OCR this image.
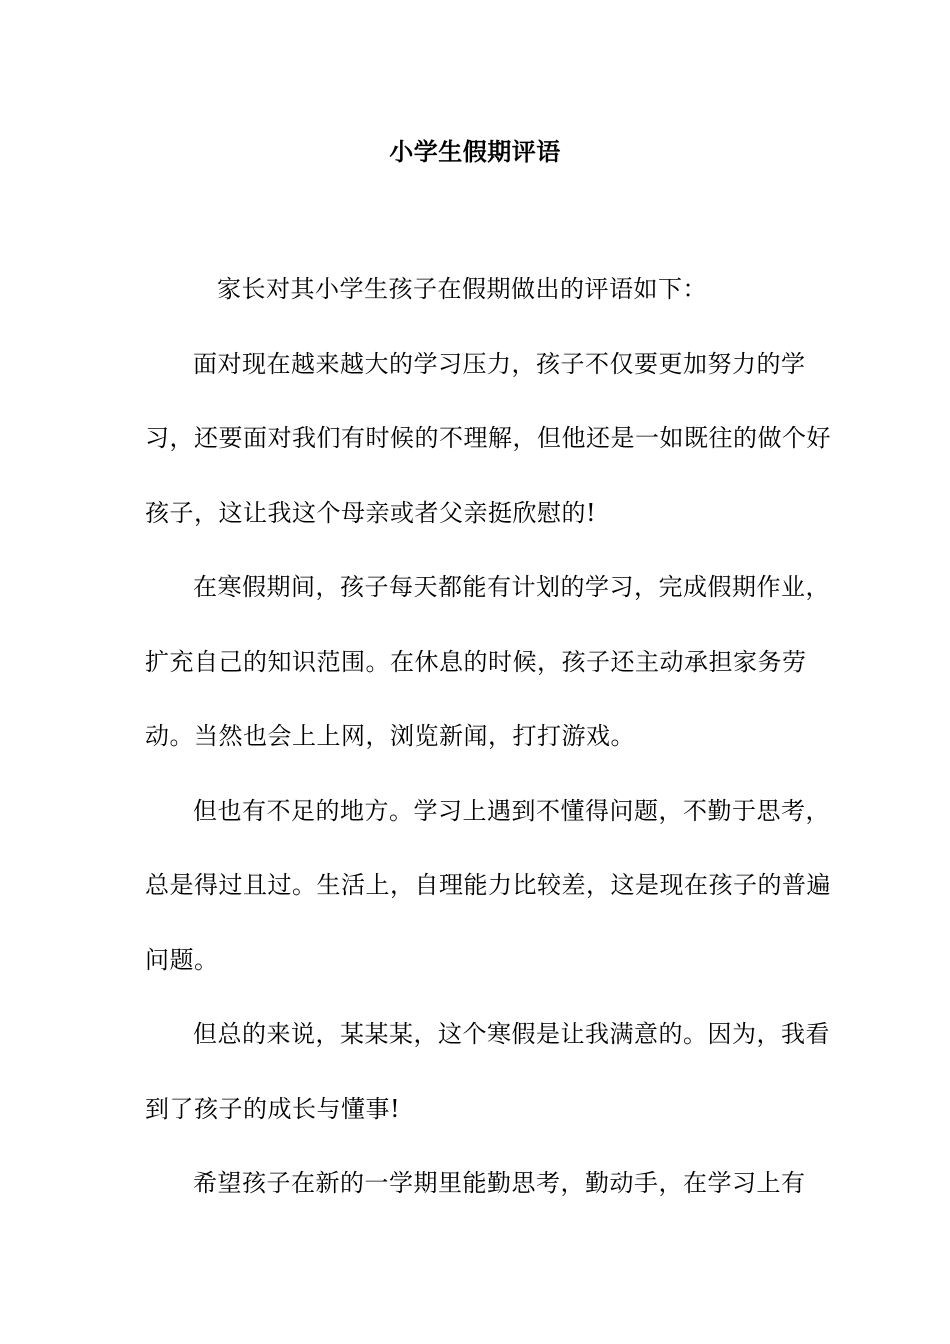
小学生假期评语

家长对其小学生孩子在假期做出的评语如下：

面对现在越来越大的学习压力，孩子不仅要更加努力的学习，还要面对我们有时候的不理解，但他还是一如既往的做个好孩子，这让我这个母亲或者父亲挺欣慰的!

在寒假期间，孩子每天都能有计划的学习，完成假期作业，扩充自己的知识范围。在休息的时候，孩子还主动承担家务劳动。当然也会上上网，浏览新闻，打打游戏。

但也有不足的地方。学习上遇到不懂得问题，不勤于思考，总是得过且过。生活上，自理能力比较差，这是现在孩子的普遍问题。

但总的来说，某某某，这个寒假是让我满意的。因为，我看到了孩子的成长与懂事!

希望孩子在新的一学期里能勤思考，勤动手，在学习上有
